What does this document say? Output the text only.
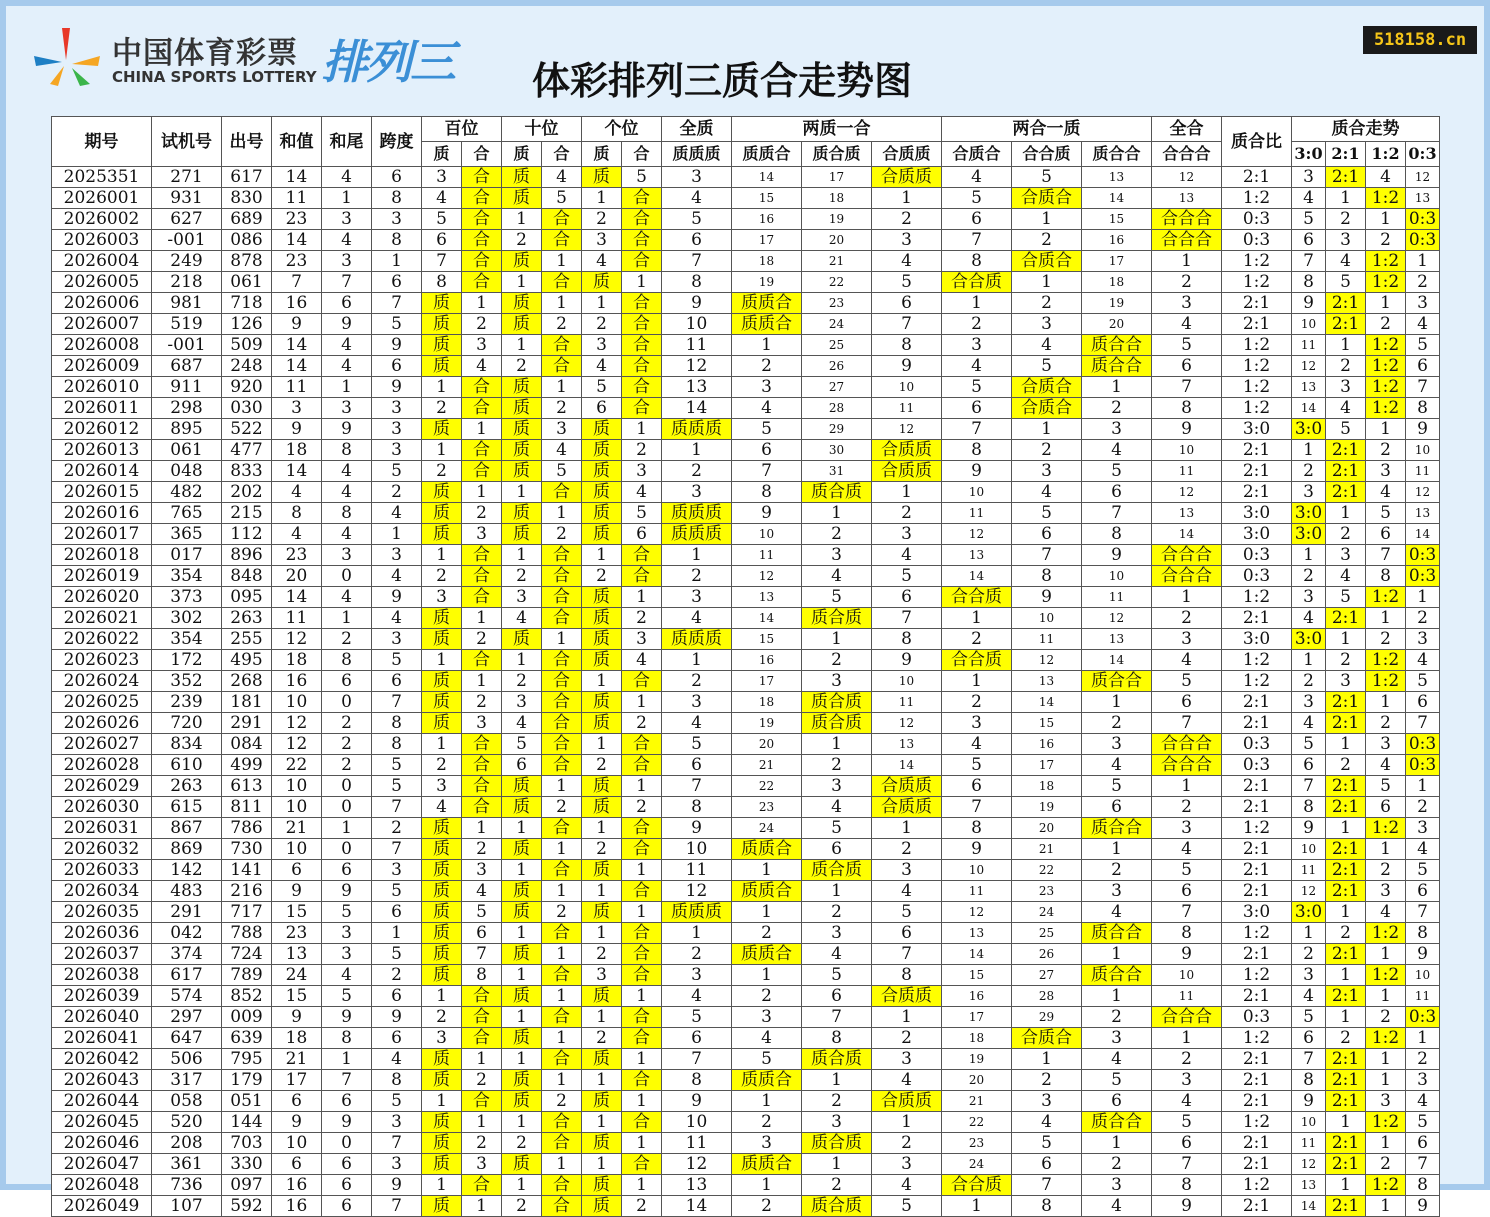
中国体育彩票
CHINA SPORTS LOTTERY 排列三 体彩排列三质合走势图
518158.cn
期号	试机号	出号	和值	和尾	跨度	百位		十位		个位		全质	两质一合			两合一质			全合	质合比	质合走势			
						质	合	质	合	质	合	质质质	质质合	质合质	合质质	合质合	合合质	质合合	合合合		3:0	2:1	1:2	0:3
2025351	271	617	14	4	6	3	合	质	4	质	5	3	14	17	合质质	4	5	13	12	2:1	3	2:1	4	12
2026001	931	830	11	1	8	4	合	质	5	1	合	4	15	18	1	5	合质合	14	13	1:2	4	1	1:2	13
2026002	627	689	23	3	3	5	合	1	合	2	合	5	16	19	2	6	1	15	合合合	0:3	5	2	1	0:3
2026003	-001	086	14	4	8	6	合	2	合	3	合	6	17	20	3	7	2	16	合合合	0:3	6	3	2	0:3
2026004	249	878	23	3	1	7	合	质	1	4	合	7	18	21	4	8	合质合	17	1	1:2	7	4	1:2	1
2026005	218	061	7	7	6	8	合	1	合	质	1	8	19	22	5	合合质	1	18	2	1:2	8	5	1:2	2
2026006	981	718	16	6	7	质	1	质	1	1	合	9	质质合	23	6	1	2	19	3	2:1	9	2:1	1	3
2026007	519	126	9	9	5	质	2	质	2	2	合	10	质质合	24	7	2	3	20	4	2:1	10	2:1	2	4
2026008	-001	509	14	4	9	质	3	1	合	3	合	11	1	25	8	3	4	质合合	5	1:2	11	1	1:2	5
2026009	687	248	14	4	6	质	4	2	合	4	合	12	2	26	9	4	5	质合合	6	1:2	12	2	1:2	6
2026010	911	920	11	1	9	1	合	质	1	5	合	13	3	27	10	5	合质合	1	7	1:2	13	3	1:2	7
2026011	298	030	3	3	3	2	合	质	2	6	合	14	4	28	11	6	合质合	2	8	1:2	14	4	1:2	8
2026012	895	522	9	9	3	质	1	质	3	质	1	质质质	5	29	12	7	1	3	9	3:0	3:0	5	1	9
2026013	061	477	18	8	3	1	合	质	4	质	2	1	6	30	合质质	8	2	4	10	2:1	1	2:1	2	10
2026014	048	833	14	4	5	2	合	质	5	质	3	2	7	31	合质质	9	3	5	11	2:1	2	2:1	3	11
2026015	482	202	4	4	2	质	1	1	合	质	4	3	8	质合质	1	10	4	6	12	2:1	3	2:1	4	12
2026016	765	215	8	8	4	质	2	质	1	质	5	质质质	9	1	2	11	5	7	13	3:0	3:0	1	5	13
2026017	365	112	4	4	1	质	3	质	2	质	6	质质质	10	2	3	12	6	8	14	3:0	3:0	2	6	14
2026018	017	896	23	3	3	1	合	1	合	1	合	1	11	3	4	13	7	9	合合合	0:3	1	3	7	0:3
2026019	354	848	20	0	4	2	合	2	合	2	合	2	12	4	5	14	8	10	合合合	0:3	2	4	8	0:3
2026020	373	095	14	4	9	3	合	3	合	质	1	3	13	5	6	合合质	9	11	1	1:2	3	5	1:2	1
2026021	302	263	11	1	4	质	1	4	合	质	2	4	14	质合质	7	1	10	12	2	2:1	4	2:1	1	2
2026022	354	255	12	2	3	质	2	质	1	质	3	质质质	15	1	8	2	11	13	3	3:0	3:0	1	2	3
2026023	172	495	18	8	5	1	合	1	合	质	4	1	16	2	9	合合质	12	14	4	1:2	1	2	1:2	4
2026024	352	268	16	6	6	质	1	2	合	1	合	2	17	3	10	1	13	质合合	5	1:2	2	3	1:2	5
2026025	239	181	10	0	7	质	2	3	合	质	1	3	18	质合质	11	2	14	1	6	2:1	3	2:1	1	6
2026026	720	291	12	2	8	质	3	4	合	质	2	4	19	质合质	12	3	15	2	7	2:1	4	2:1	2	7
2026027	834	084	12	2	8	1	合	5	合	1	合	5	20	1	13	4	16	3	合合合	0:3	5	1	3	0:3
2026028	610	499	22	2	5	2	合	6	合	2	合	6	21	2	14	5	17	4	合合合	0:3	6	2	4	0:3
2026029	263	613	10	0	5	3	合	质	1	质	1	7	22	3	合质质	6	18	5	1	2:1	7	2:1	5	1
2026030	615	811	10	0	7	4	合	质	2	质	2	8	23	4	合质质	7	19	6	2	2:1	8	2:1	6	2
2026031	867	786	21	1	2	质	1	1	合	1	合	9	24	5	1	8	20	质合合	3	1:2	9	1	1:2	3
2026032	869	730	10	0	7	质	2	质	1	2	合	10	质质合	6	2	9	21	1	4	2:1	10	2:1	1	4
2026033	142	141	6	6	3	质	3	1	合	质	1	11	1	质合质	3	10	22	2	5	2:1	11	2:1	2	5
2026034	483	216	9	9	5	质	4	质	1	1	合	12	质质合	1	4	11	23	3	6	2:1	12	2:1	3	6
2026035	291	717	15	5	6	质	5	质	2	质	1	质质质	1	2	5	12	24	4	7	3:0	3:0	1	4	7
2026036	042	788	23	3	1	质	6	1	合	1	合	1	2	3	6	13	25	质合合	8	1:2	1	2	1:2	8
2026037	374	724	13	3	5	质	7	质	1	2	合	2	质质合	4	7	14	26	1	9	2:1	2	2:1	1	9
2026038	617	789	24	4	2	质	8	1	合	3	合	3	1	5	8	15	27	质合合	10	1:2	3	1	1:2	10
2026039	574	852	15	5	6	1	合	质	1	质	1	4	2	6	合质质	16	28	1	11	2:1	4	2:1	1	11
2026040	297	009	9	9	9	2	合	1	合	1	合	5	3	7	1	17	29	2	合合合	0:3	5	1	2	0:3
2026041	647	639	18	8	6	3	合	质	1	2	合	6	4	8	2	18	合质合	3	1	1:2	6	2	1:2	1
2026042	506	795	21	1	4	质	1	1	合	质	1	7	5	质合质	3	19	1	4	2	2:1	7	2:1	1	2
2026043	317	179	17	7	8	质	2	质	1	1	合	8	质质合	1	4	20	2	5	3	2:1	8	2:1	1	3
2026044	058	051	6	6	5	1	合	质	2	质	1	9	1	2	合质质	21	3	6	4	2:1	9	2:1	3	4
2026045	520	144	9	9	3	质	1	1	合	1	合	10	2	3	1	22	4	质合合	5	1:2	10	1	1:2	5
2026046	208	703	10	0	7	质	2	2	合	质	1	11	3	质合质	2	23	5	1	6	2:1	11	2:1	1	6
2026047	361	330	6	6	3	质	3	质	1	1	合	12	质质合	1	3	24	6	2	7	2:1	12	2:1	2	7
2026048	736	097	16	6	9	1	合	1	合	质	1	13	1	2	4	合合质	7	3	8	1:2	13	1	1:2	8
2026049	107	592	16	6	7	质	1	2	合	质	2	14	2	质合质	5	1	8	4	9	2:1	14	2:1	1	9
